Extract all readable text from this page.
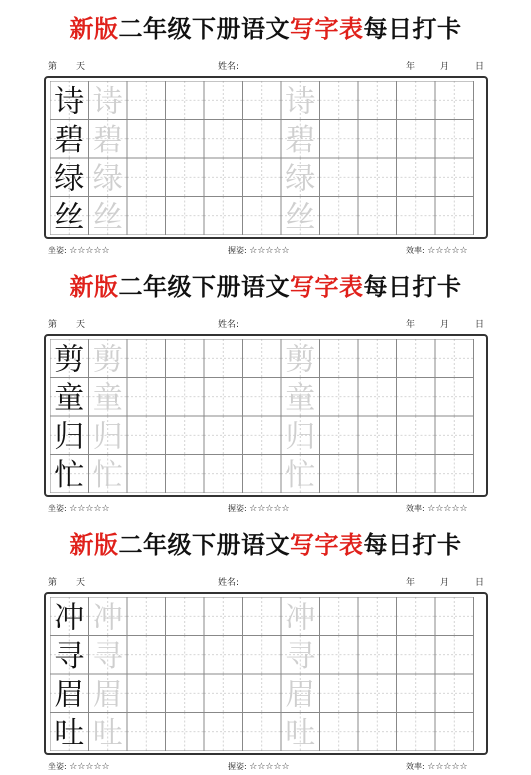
新版二年级下册语文写字表每日打卡
第 天	姓名:	年	月	日
诗 诗	诗
碧 碧	碧
绿 绿	绿
丝 丝	丝
坐姿: ☆☆☆☆☆	握姿: ☆☆☆☆☆	效率: ☆☆☆☆☆
新版二年级下册语文写字表每日打卡
第 天	姓名:	年	月	日
剪 剪	剪
童 童	童
归 归	归
忙 忙	忙
坐姿: ☆☆☆☆☆	握姿: ☆☆☆☆☆	效率: ☆☆☆☆☆
新版二年级下册语文写字表每日打卡
第 天	姓名:	年	月	日
冲 冲	冲
寻 寻	寻
眉 眉	眉
吐 吐	吐
坐姿: ☆☆☆☆☆	握姿: ☆☆☆☆☆	效率: ☆☆☆☆☆
